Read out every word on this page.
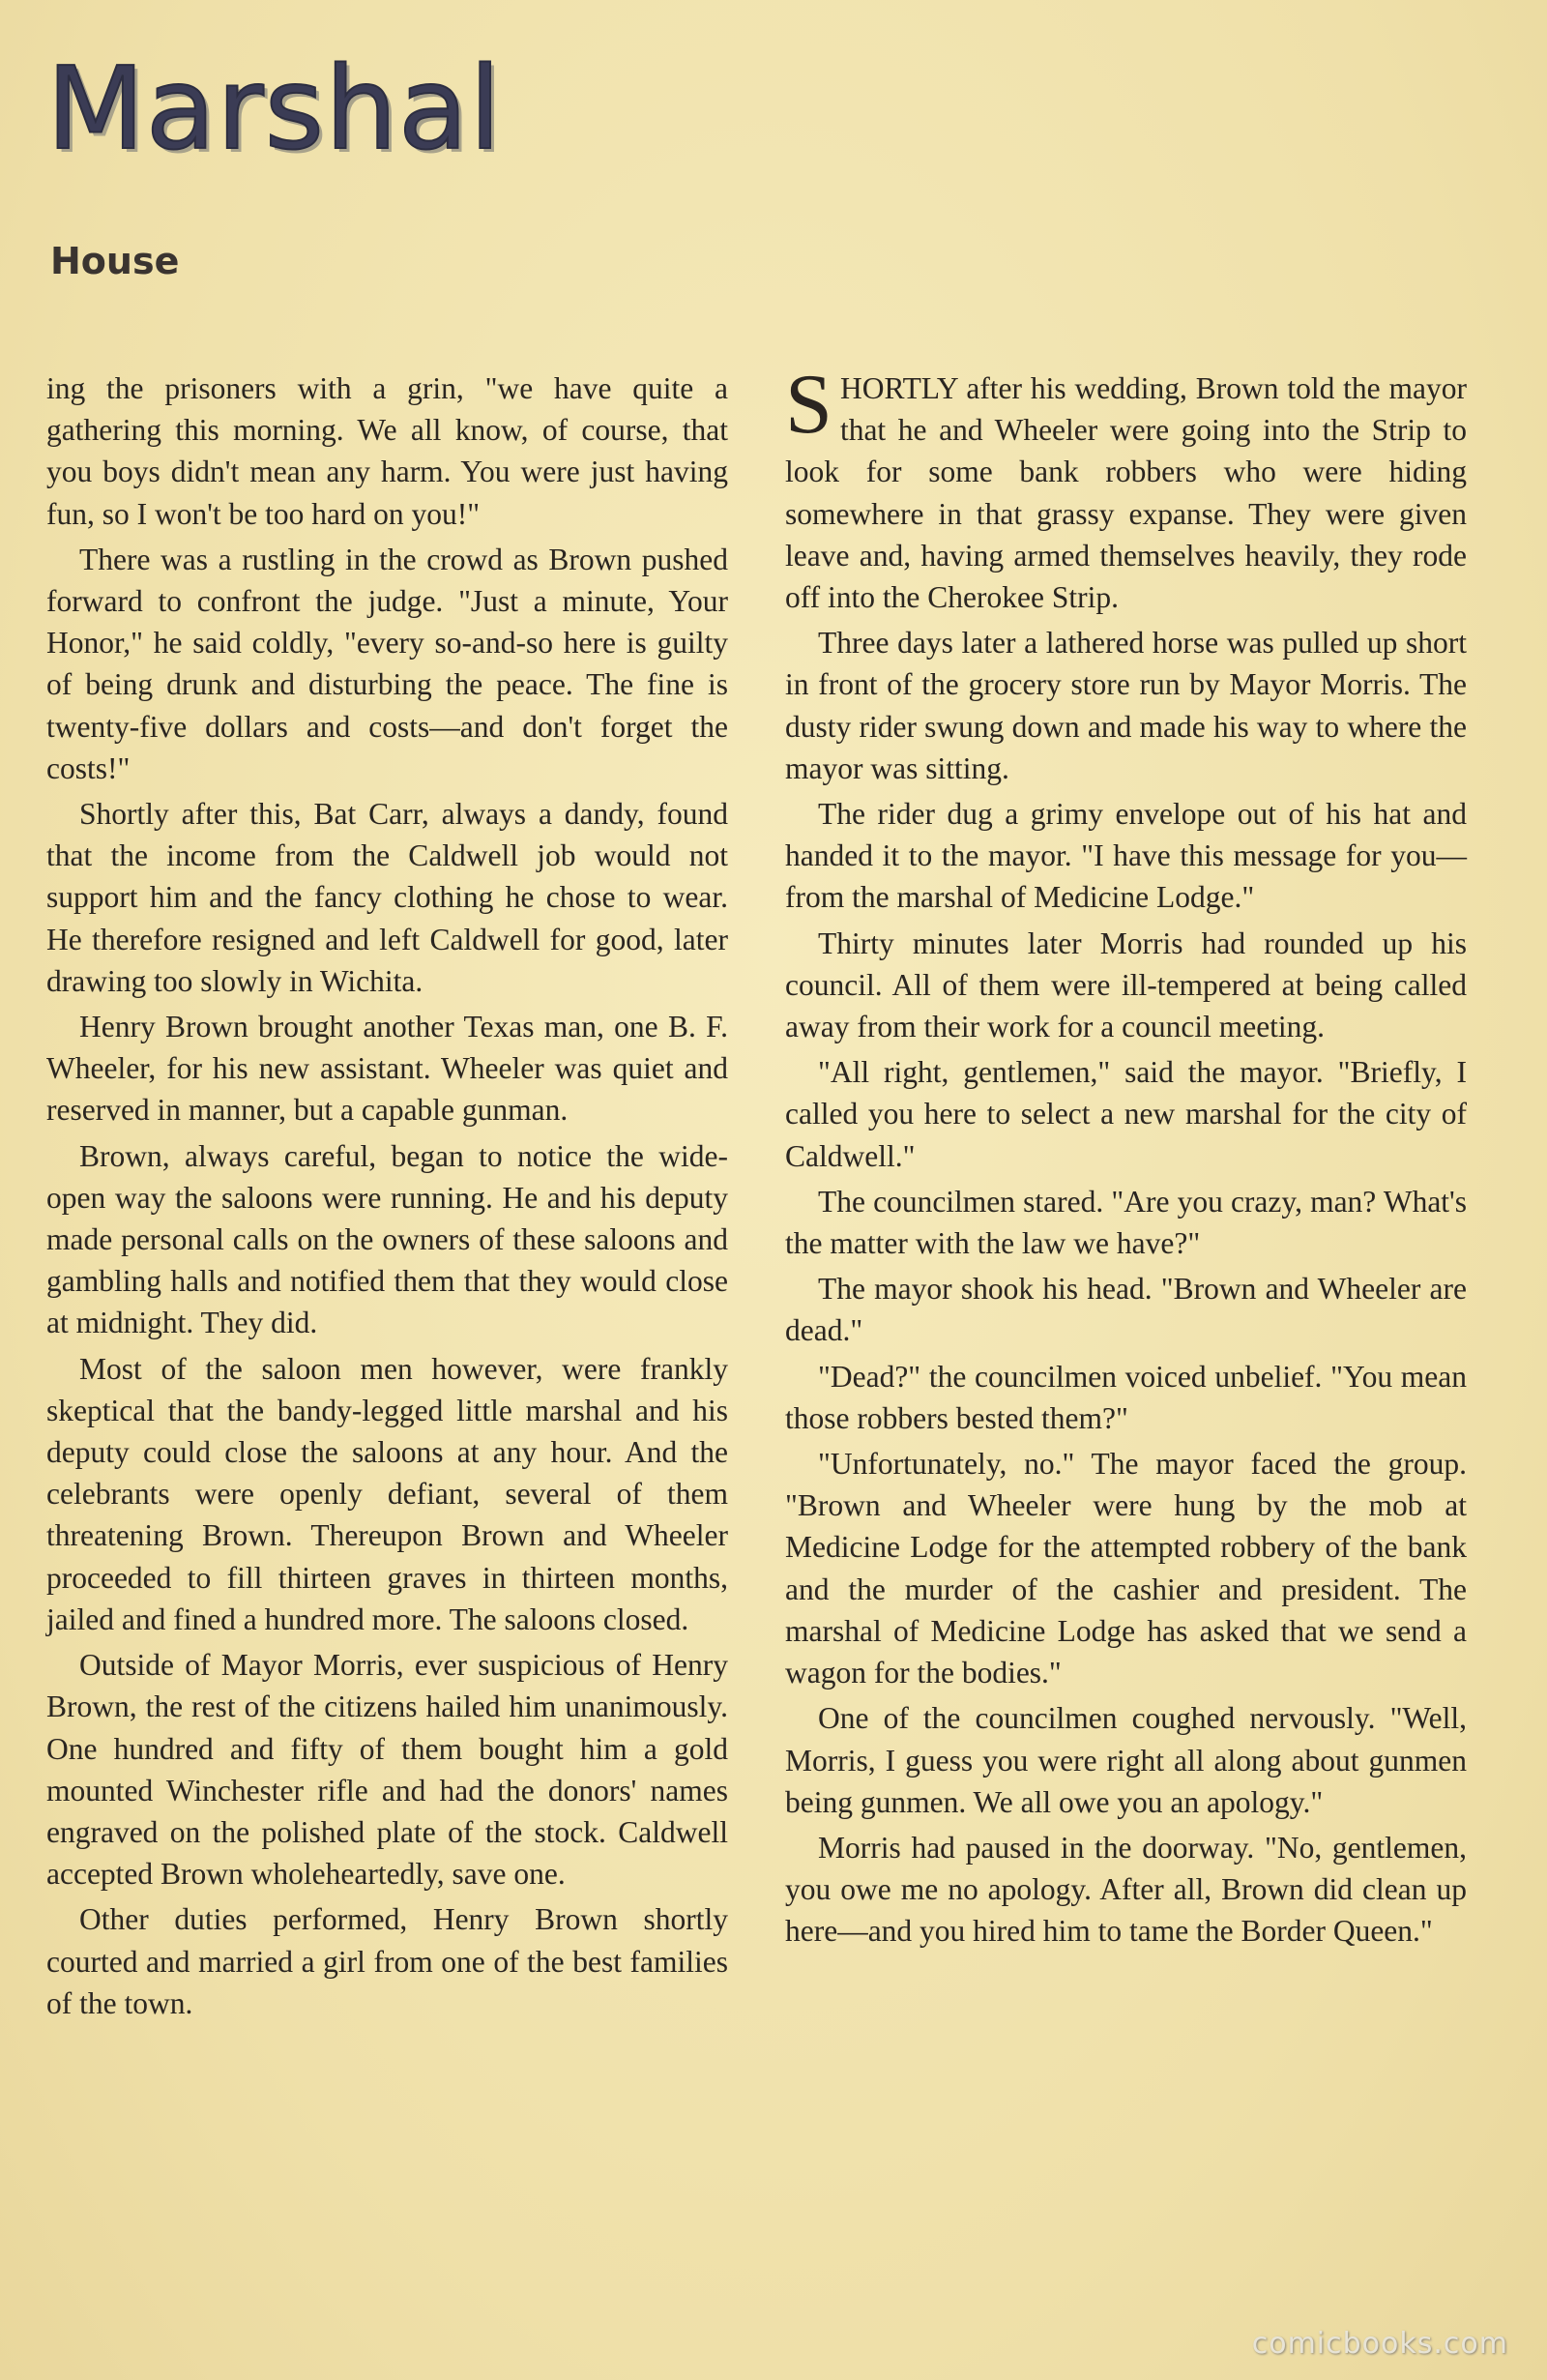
Marshal
House

ing the prisoners with a grin, "we have quite a gathering this morning. We all know, of course, that you boys didn't mean any harm. You were just having fun, so I won't be too hard on you!"

There was a rustling in the crowd as Brown pushed forward to confront the judge. "Just a minute, Your Honor," he said coldly, "every so-and-so here is guilty of being drunk and disturbing the peace. The fine is twenty-five dollars and costs—and don't forget the costs!"

Shortly after this, Bat Carr, always a dandy, found that the income from the Caldwell job would not support him and the fancy clothing he chose to wear. He therefore resigned and left Caldwell for good, later drawing too slowly in Wichita.

Henry Brown brought another Texas man, one B. F. Wheeler, for his new assistant. Wheeler was quiet and reserved in manner, but a capable gunman.

Brown, always careful, began to notice the wide-open way the saloons were running. He and his deputy made personal calls on the owners of these saloons and gambling halls and notified them that they would close at midnight. They did.

Most of the saloon men however, were frankly skeptical that the bandy-legged little marshal and his deputy could close the saloons at any hour. And the celebrants were openly defiant, several of them threatening Brown. Thereupon Brown and Wheeler proceeded to fill thirteen graves in thirteen months, jailed and fined a hundred more. The saloons closed.

Outside of Mayor Morris, ever suspicious of Henry Brown, the rest of the citizens hailed him unanimously. One hundred and fifty of them bought him a gold mounted Winchester rifle and had the donors' names engraved on the polished plate of the stock. Caldwell accepted Brown wholeheartedly, save one.

Other duties performed, Henry Brown shortly courted and married a girl from one of the best families of the town.

SHORTLY after his wedding, Brown told the mayor that he and Wheeler were going into the Strip to look for some bank robbers who were hiding somewhere in that grassy expanse. They were given leave and, having armed themselves heavily, they rode off into the Cherokee Strip.

Three days later a lathered horse was pulled up short in front of the grocery store run by Mayor Morris. The dusty rider swung down and made his way to where the mayor was sitting.

The rider dug a grimy envelope out of his hat and handed it to the mayor. "I have this message for you—from the marshal of Medicine Lodge."

Thirty minutes later Morris had rounded up his council. All of them were ill-tempered at being called away from their work for a council meeting.

"All right, gentlemen," said the mayor. "Briefly, I called you here to select a new marshal for the city of Caldwell."

The councilmen stared. "Are you crazy, man? What's the matter with the law we have?"

The mayor shook his head. "Brown and Wheeler are dead."

"Dead?" the councilmen voiced unbelief. "You mean those robbers bested them?"

"Unfortunately, no." The mayor faced the group. "Brown and Wheeler were hung by the mob at Medicine Lodge for the attempted robbery of the bank and the murder of the cashier and president. The marshal of Medicine Lodge has asked that we send a wagon for the bodies."

One of the councilmen coughed nervously. "Well, Morris, I guess you were right all along about gunmen being gunmen. We all owe you an apology."

Morris had paused in the doorway. "No, gentlemen, you owe me no apology. After all, Brown did clean up here—and you hired him to tame the Border Queen."

comicbooks.com
